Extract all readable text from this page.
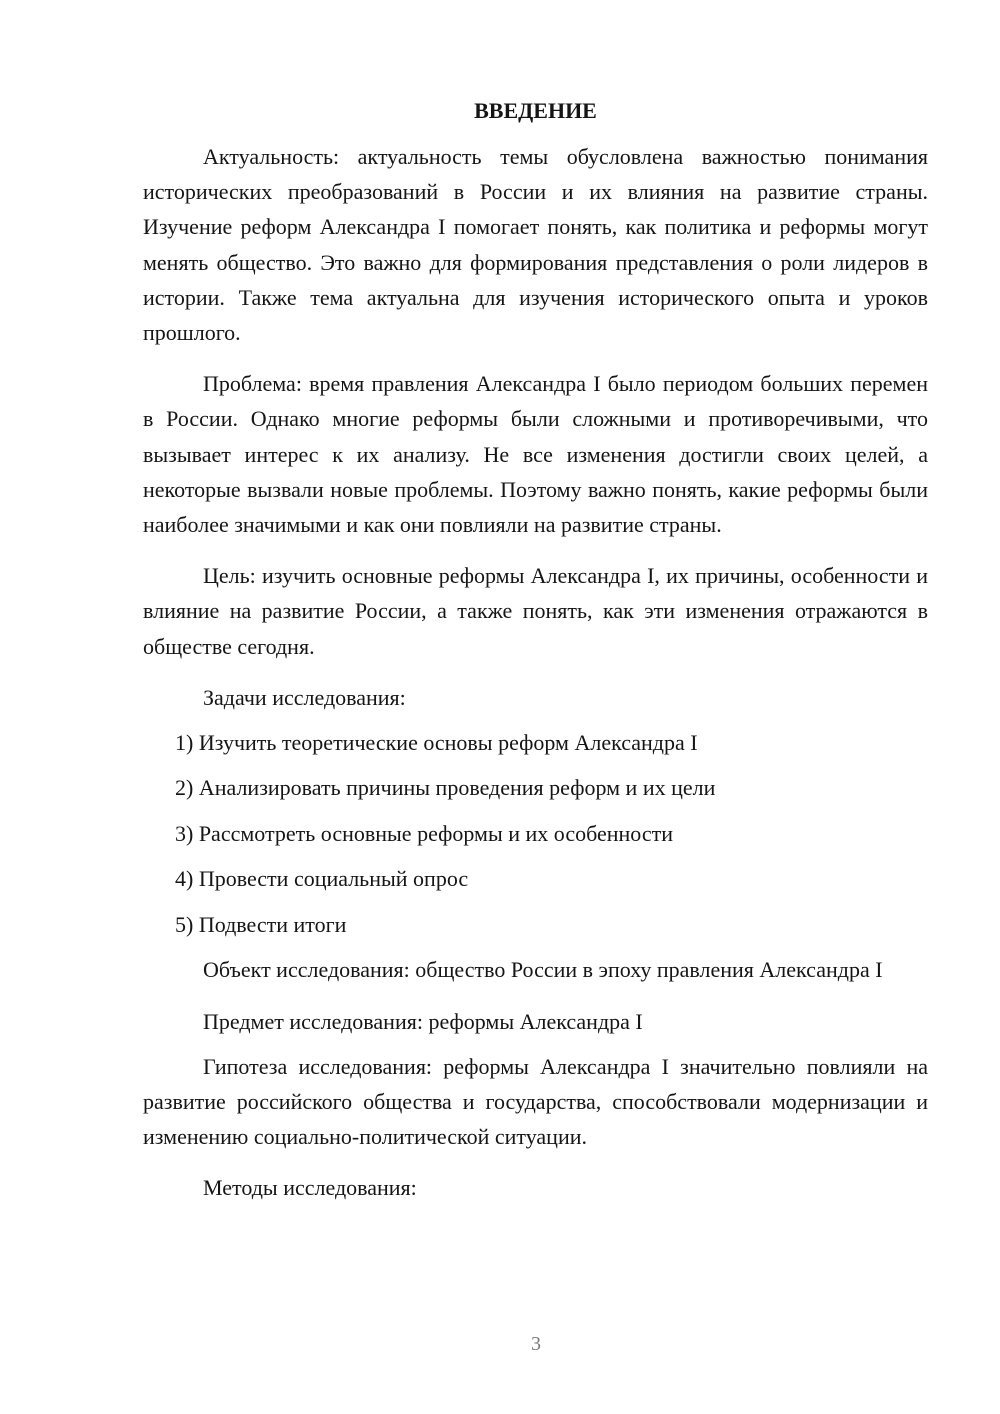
ВВЕДЕНИЕ

Актуальность: актуальность темы обусловлена важностью понимания исторических преобразований в России и их влияния на развитие страны. Изучение реформ Александра I помогает понять, как политика и реформы могут менять общество. Это важно для формирования представления о роли лидеров в истории. Также тема актуальна для изучения исторического опыта и уроков прошлого.

Проблема: время правления Александра I было периодом больших перемен в России. Однако многие реформы были сложными и противоречивыми, что вызывает интерес к их анализу. Не все изменения достигли своих целей, а некоторые вызвали новые проблемы. Поэтому важно понять, какие реформы были наиболее значимыми и как они повлияли на развитие страны.

Цель: изучить основные реформы Александра I, их причины, особенности и влияние на развитие России, а также понять, как эти изменения отражаются в обществе сегодня.

Задачи исследования:

1) Изучить теоретические основы реформ Александра I
2) Анализировать причины проведения реформ и их цели
3) Рассмотреть основные реформы и их особенности
4) Провести социальный опрос
5) Подвести итоги

Объект исследования: общество России в эпоху правления Александра I

Предмет исследования: реформы Александра I

Гипотеза исследования: реформы Александра I значительно повлияли на развитие российского общества и государства, способствовали модернизации и изменению социально-политической ситуации.

Методы исследования:

3
